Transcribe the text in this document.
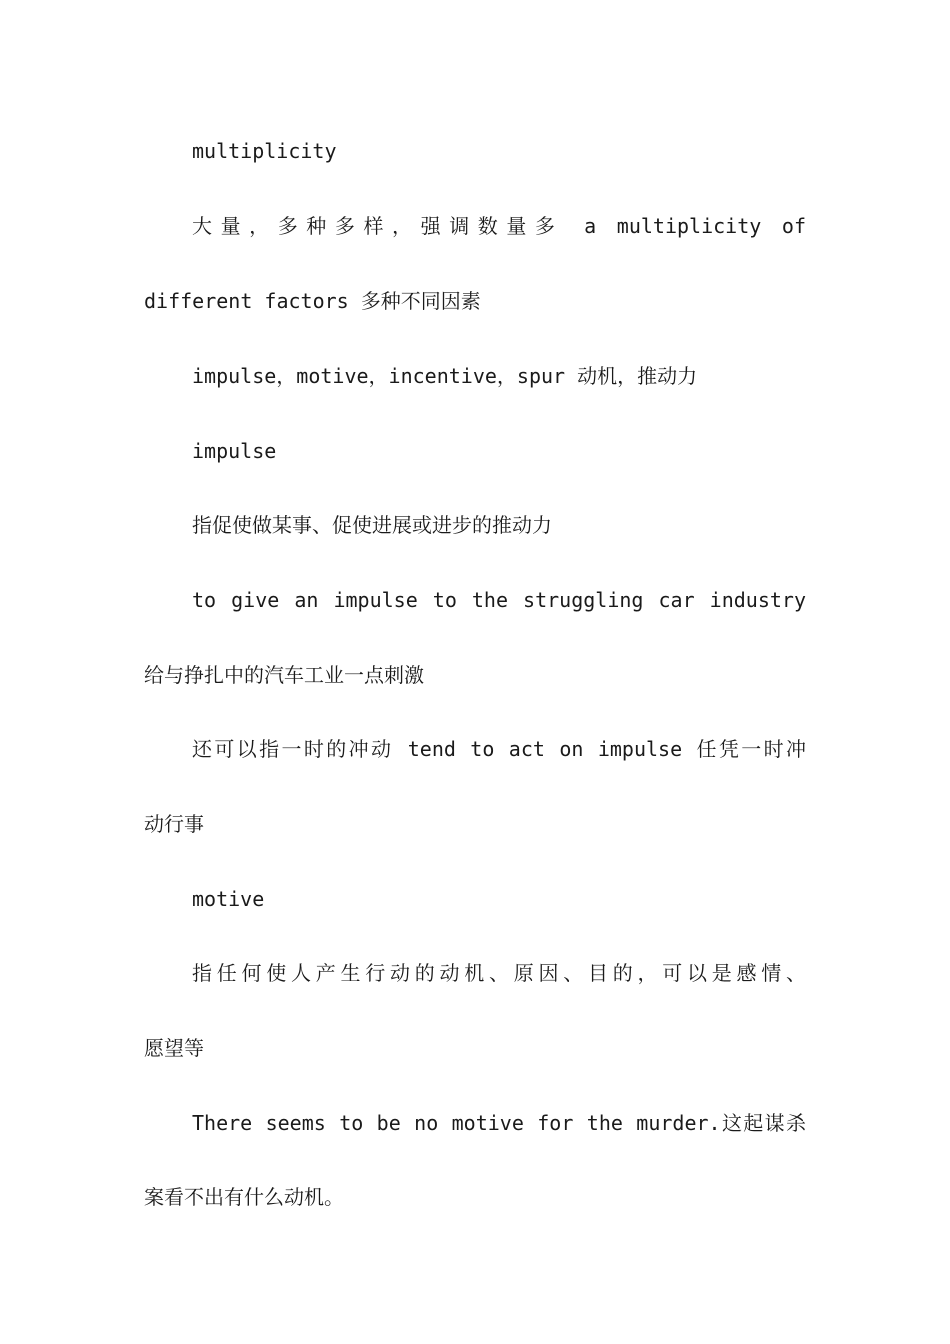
multiplicity
大量，多种多样，强调数量多 a multiplicity of
different factors 多种不同因素
impulse，motive，incentive，spur 动机，推动力
impulse
指促使做某事、促使进展或进步的推动力
to give an impulse to the struggling car industry
给与挣扎中的汽车工业一点刺激
还可以指一时的冲动 tend to act on impulse 任凭一时冲
动行事
motive
指任何使人产生行动的动机、原因、目的，可以是感情、
愿望等
There seems to be no motive for the murder.这起谋杀
案看不出有什么动机。
